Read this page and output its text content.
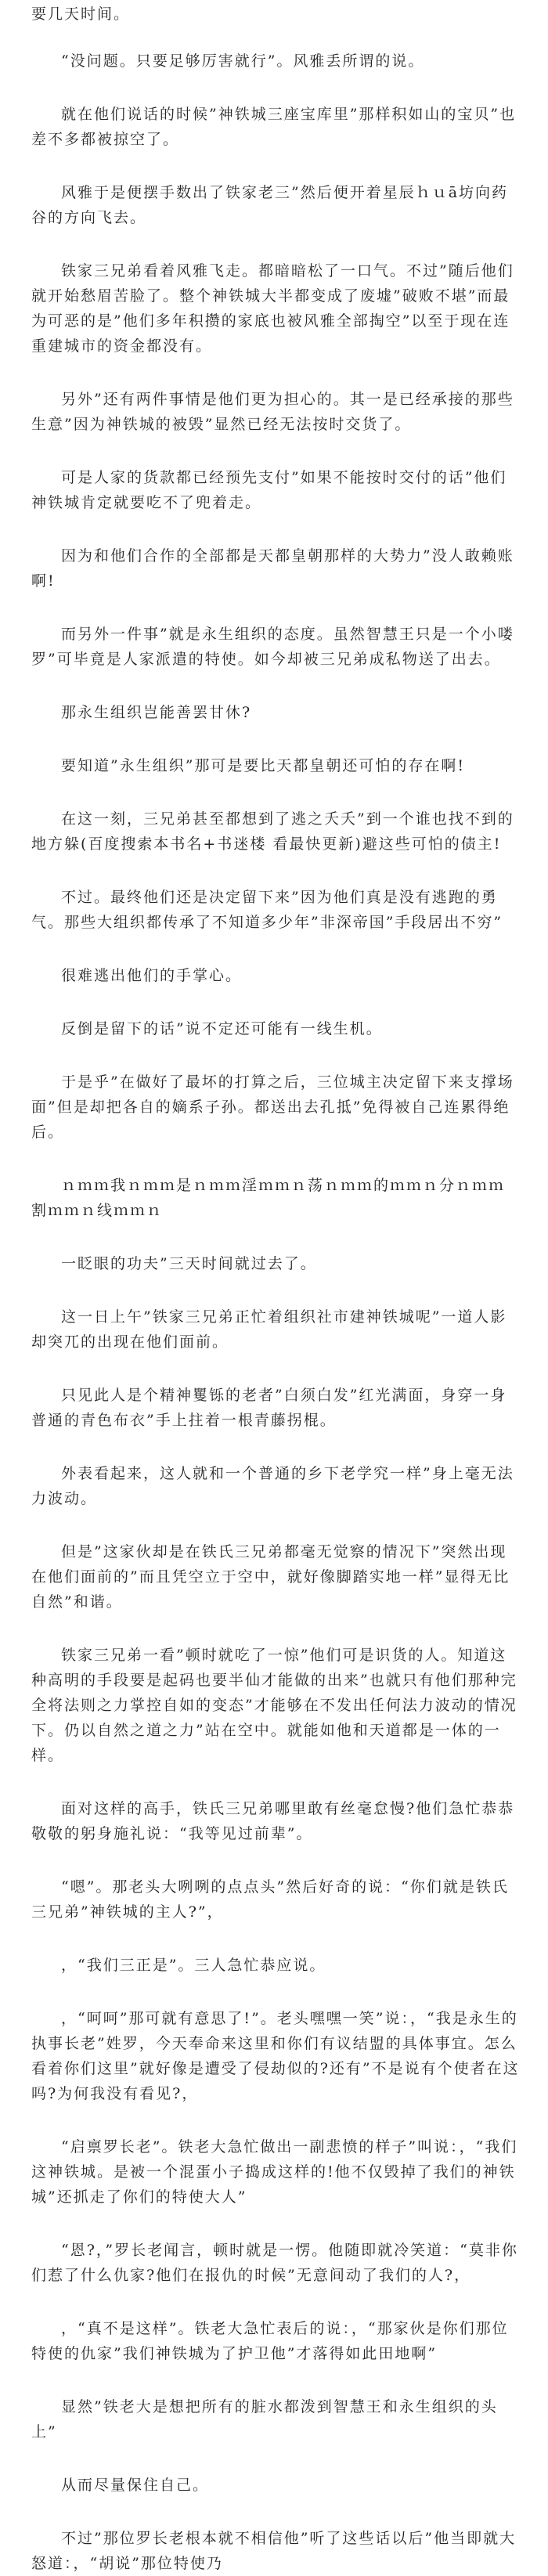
要几天时间。

“没问题。只要足够厉害就行”。风雅丢所谓的说。

就在他们说话的时候”神铁城三座宝库里”那样积如山的宝贝”也差不多都被掠空了。

风雅于是便摆手数出了铁家老三”然后便开着星辰ｈｕā坊向药谷的方向飞去。

铁家三兄弟看着风雅飞走。都暗暗松了一口气。不过”随后他们就开始愁眉苦脸了。整个神铁城大半都变成了废墟”破败不堪”而最为可恶的是”他们多年积攒的家底也被风雅全部掏空”以至于现在连重建城市的资金都没有。

另外”还有两件事情是他们更为担心的。其一是已经承接的那些生意”因为神铁城的被毁”显然已经无法按时交货了。

可是人家的货款都已经预先支付”如果不能按时交付的话”他们神铁城肯定就要吃不了兜着走。

因为和他们合作的全部都是天都皇朝那样的大势力”没人敢赖账啊!

而另外一件事”就是永生组织的态度。虽然智慧王只是一个小喽罗”可毕竟是人家派遣的特使。如今却被三兄弟成私物送了出去。

那永生组织岂能善罢甘休?

要知道”永生组织”那可是要比天都皇朝还可怕的存在啊!

在这一刻，三兄弟甚至都想到了逃之夭夭”到一个谁也找不到的地方躲(百度搜索本书名+书迷楼 看最快更新)避这些可怕的债主!

不过。最终他们还是决定留下来”因为他们真是没有逃跑的勇气。那些大组织都传承了不知道多少年”非深帝国”手段居出不穷”

很难逃出他们的手掌心。

反倒是留下的话”说不定还可能有一线生机。

于是乎”在做好了最坏的打算之后，三位城主决定留下来支撑场面”但是却把各自的嫡系子孙。都送出去孔抵”免得被自己连累得绝后。

ｎｍｍ我ｎｍｍ是ｎｍｍ淫ｍｍｎ荡ｎｍｍ的ｍｍｎ分ｎｍｍ割ｍｍｎ线ｍｍｎ

一眨眼的功夫”三天时间就过去了。

这一日上午”铁家三兄弟正忙着组织社市建神铁城呢”一道人影却突兀的出现在他们面前。

只见此人是个精神矍铄的老者”白须白发”红光满面，身穿一身普通的青色布衣”手上拄着一根青藤拐棍。

外表看起来，这人就和一个普通的乡下老学究一样”身上毫无法力波动。

但是”这家伙却是在铁氏三兄弟都毫无觉察的情况下”突然出现在他们面前的”而且凭空立于空中，就好像脚踏实地一样”显得无比自然”和谐。

铁家三兄弟一看”顿时就吃了一惊”他们可是识货的人。知道这种高明的手段要是起码也要半仙才能做的出来”也就只有他们那种完全将法则之力掌控自如的变态”才能够在不发出任何法力波动的情况下。仍以自然之道之力”站在空中。就能如他和天道都是一体的一样。

面对这样的高手，铁氏三兄弟哪里敢有丝毫怠慢?他们急忙恭恭敬敬的躬身施礼说：“我等见过前辈”。

“嗯”。那老头大咧咧的点点头”然后好奇的说：“你们就是铁氏三兄弟”神铁城的主人?”，

，“我们三正是”。三人急忙恭应说。

，“呵呵”那可就有意思了!”。老头嘿嘿一笑”说：，“我是永生的执事长老”姓罗，今天奉命来这里和你们有议结盟的具体事宜。怎么看着你们这里”就好像是遭受了侵劫似的?还有”不是说有个使者在这吗?为何我没有看见?，

“启禀罗长老”。铁老大急忙做出一副悲愤的样子”叫说：，“我们这神铁城。是被一个混蛋小子捣成这样的!他不仅毁掉了我们的神铁城”还抓走了你们的特使大人”

“恩?，”罗长老闻言，顿时就是一愣。他随即就冷笑道：“莫非你们惹了什么仇家?他们在报仇的时候”无意间动了我们的人?，

，“真不是这样”。铁老大急忙表后的说：，“那家伙是你们那位特使的仇家”我们神铁城为了护卫他”才落得如此田地啊”

显然”铁老大是想把所有的脏水都泼到智慧王和永生组织的头上”

从而尽量保住自己。

不过”那位罗长老根本就不相信他”听了这些话以后”他当即就大怒道：，“胡说”那位特使乃
